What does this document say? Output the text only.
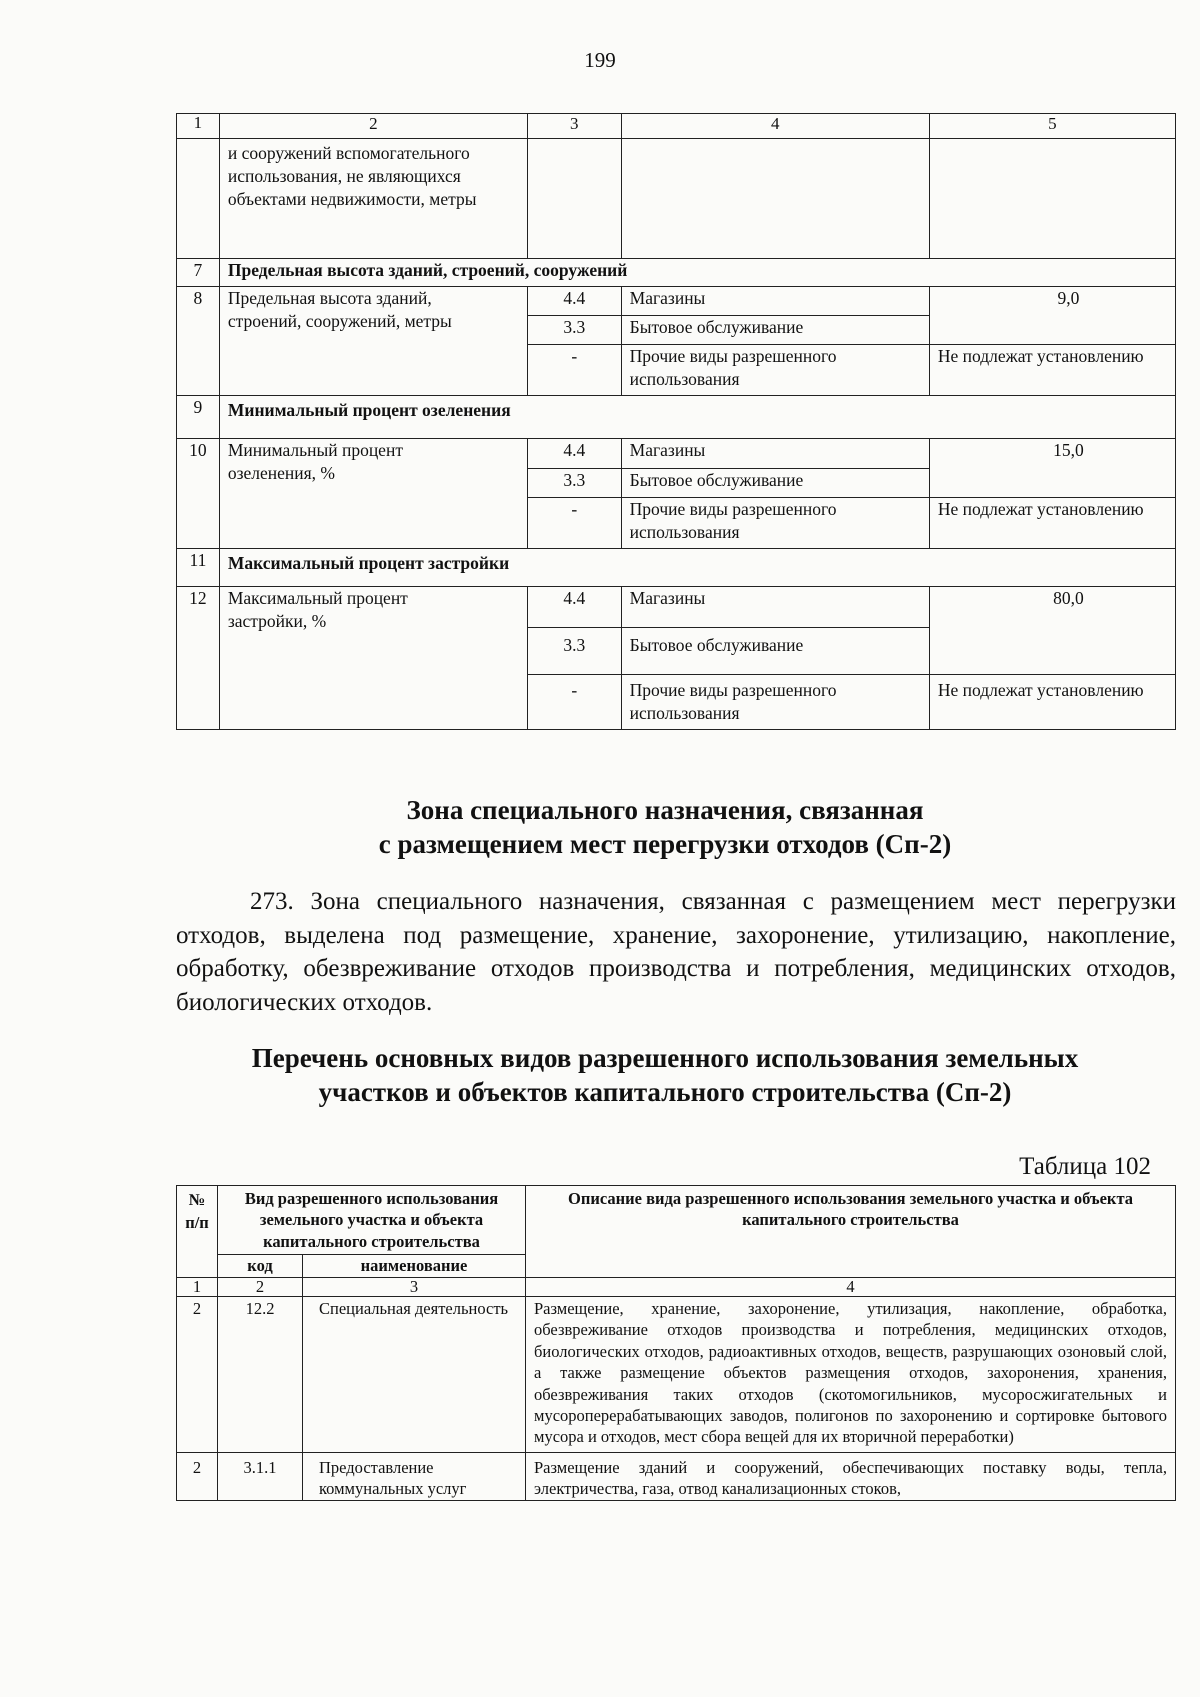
199
1	2	3	4	5
	и сооружений вспомогательного использования, не являющихся объектами недвижимости, метры			
7	Предельная высота зданий, строений, сооружений			
8	Предельная высота зданий, строений, сооружений, метры	4.4	Магазины	9,0
		3.3	Бытовое обслуживание	
		-	Прочие виды разрешенного использования	Не подлежат установлению
9	Минимальный процент озеленения			
10	Минимальный процент озеленения, %	4.4	Магазины	15,0
		3.3	Бытовое обслуживание	
		-	Прочие виды разрешенного использования	Не подлежат установлению
11	Максимальный процент застройки			
12	Максимальный процент застройки, %	4.4	Магазины	80,0
		3.3	Бытовое обслуживание	
		-	Прочие виды разрешенного использования	Не подлежат установлению
Зона специального назначения, связанная
с размещением мест перегрузки отходов (Сп-2)
273. Зона специального назначения, связанная с размещением мест перегрузки отходов, выделена под размещение, хранение, захоронение, утилизацию, накопление, обработку, обезвреживание отходов производства и потребления, медицинских отходов, биологических отходов.
Перечень основных видов разрешенного использования земельных
участков и объектов капитального строительства (Сп-2)
Таблица 102
№ п/п	Вид разрешенного использования земельного участка и объекта капитального строительства		Описание вида разрешенного использования земельного участка и объекта капитального строительства
	код	наименование	
1	2	3	4
2	12.2	Специальная деятельность	Размещение, хранение, захоронение, утилизация, накопление, обработка, обезвреживание отходов производства и потребления, медицинских отходов, биологических отходов, радиоактивных отходов, веществ, разрушающих озоновый слой, а также размещение объектов размещения отходов, захоронения, хранения, обезвреживания таких отходов (скотомогильников, мусоросжигательных и мусороперерабатывающих заводов, полигонов по захоронению и сортировке бытового мусора и отходов, мест сбора вещей для их вторичной переработки)
2	3.1.1	Предоставление коммунальных услуг	Размещение зданий и сооружений, обеспечивающих поставку воды, тепла, электричества, газа, отвод канализационных стоков,
